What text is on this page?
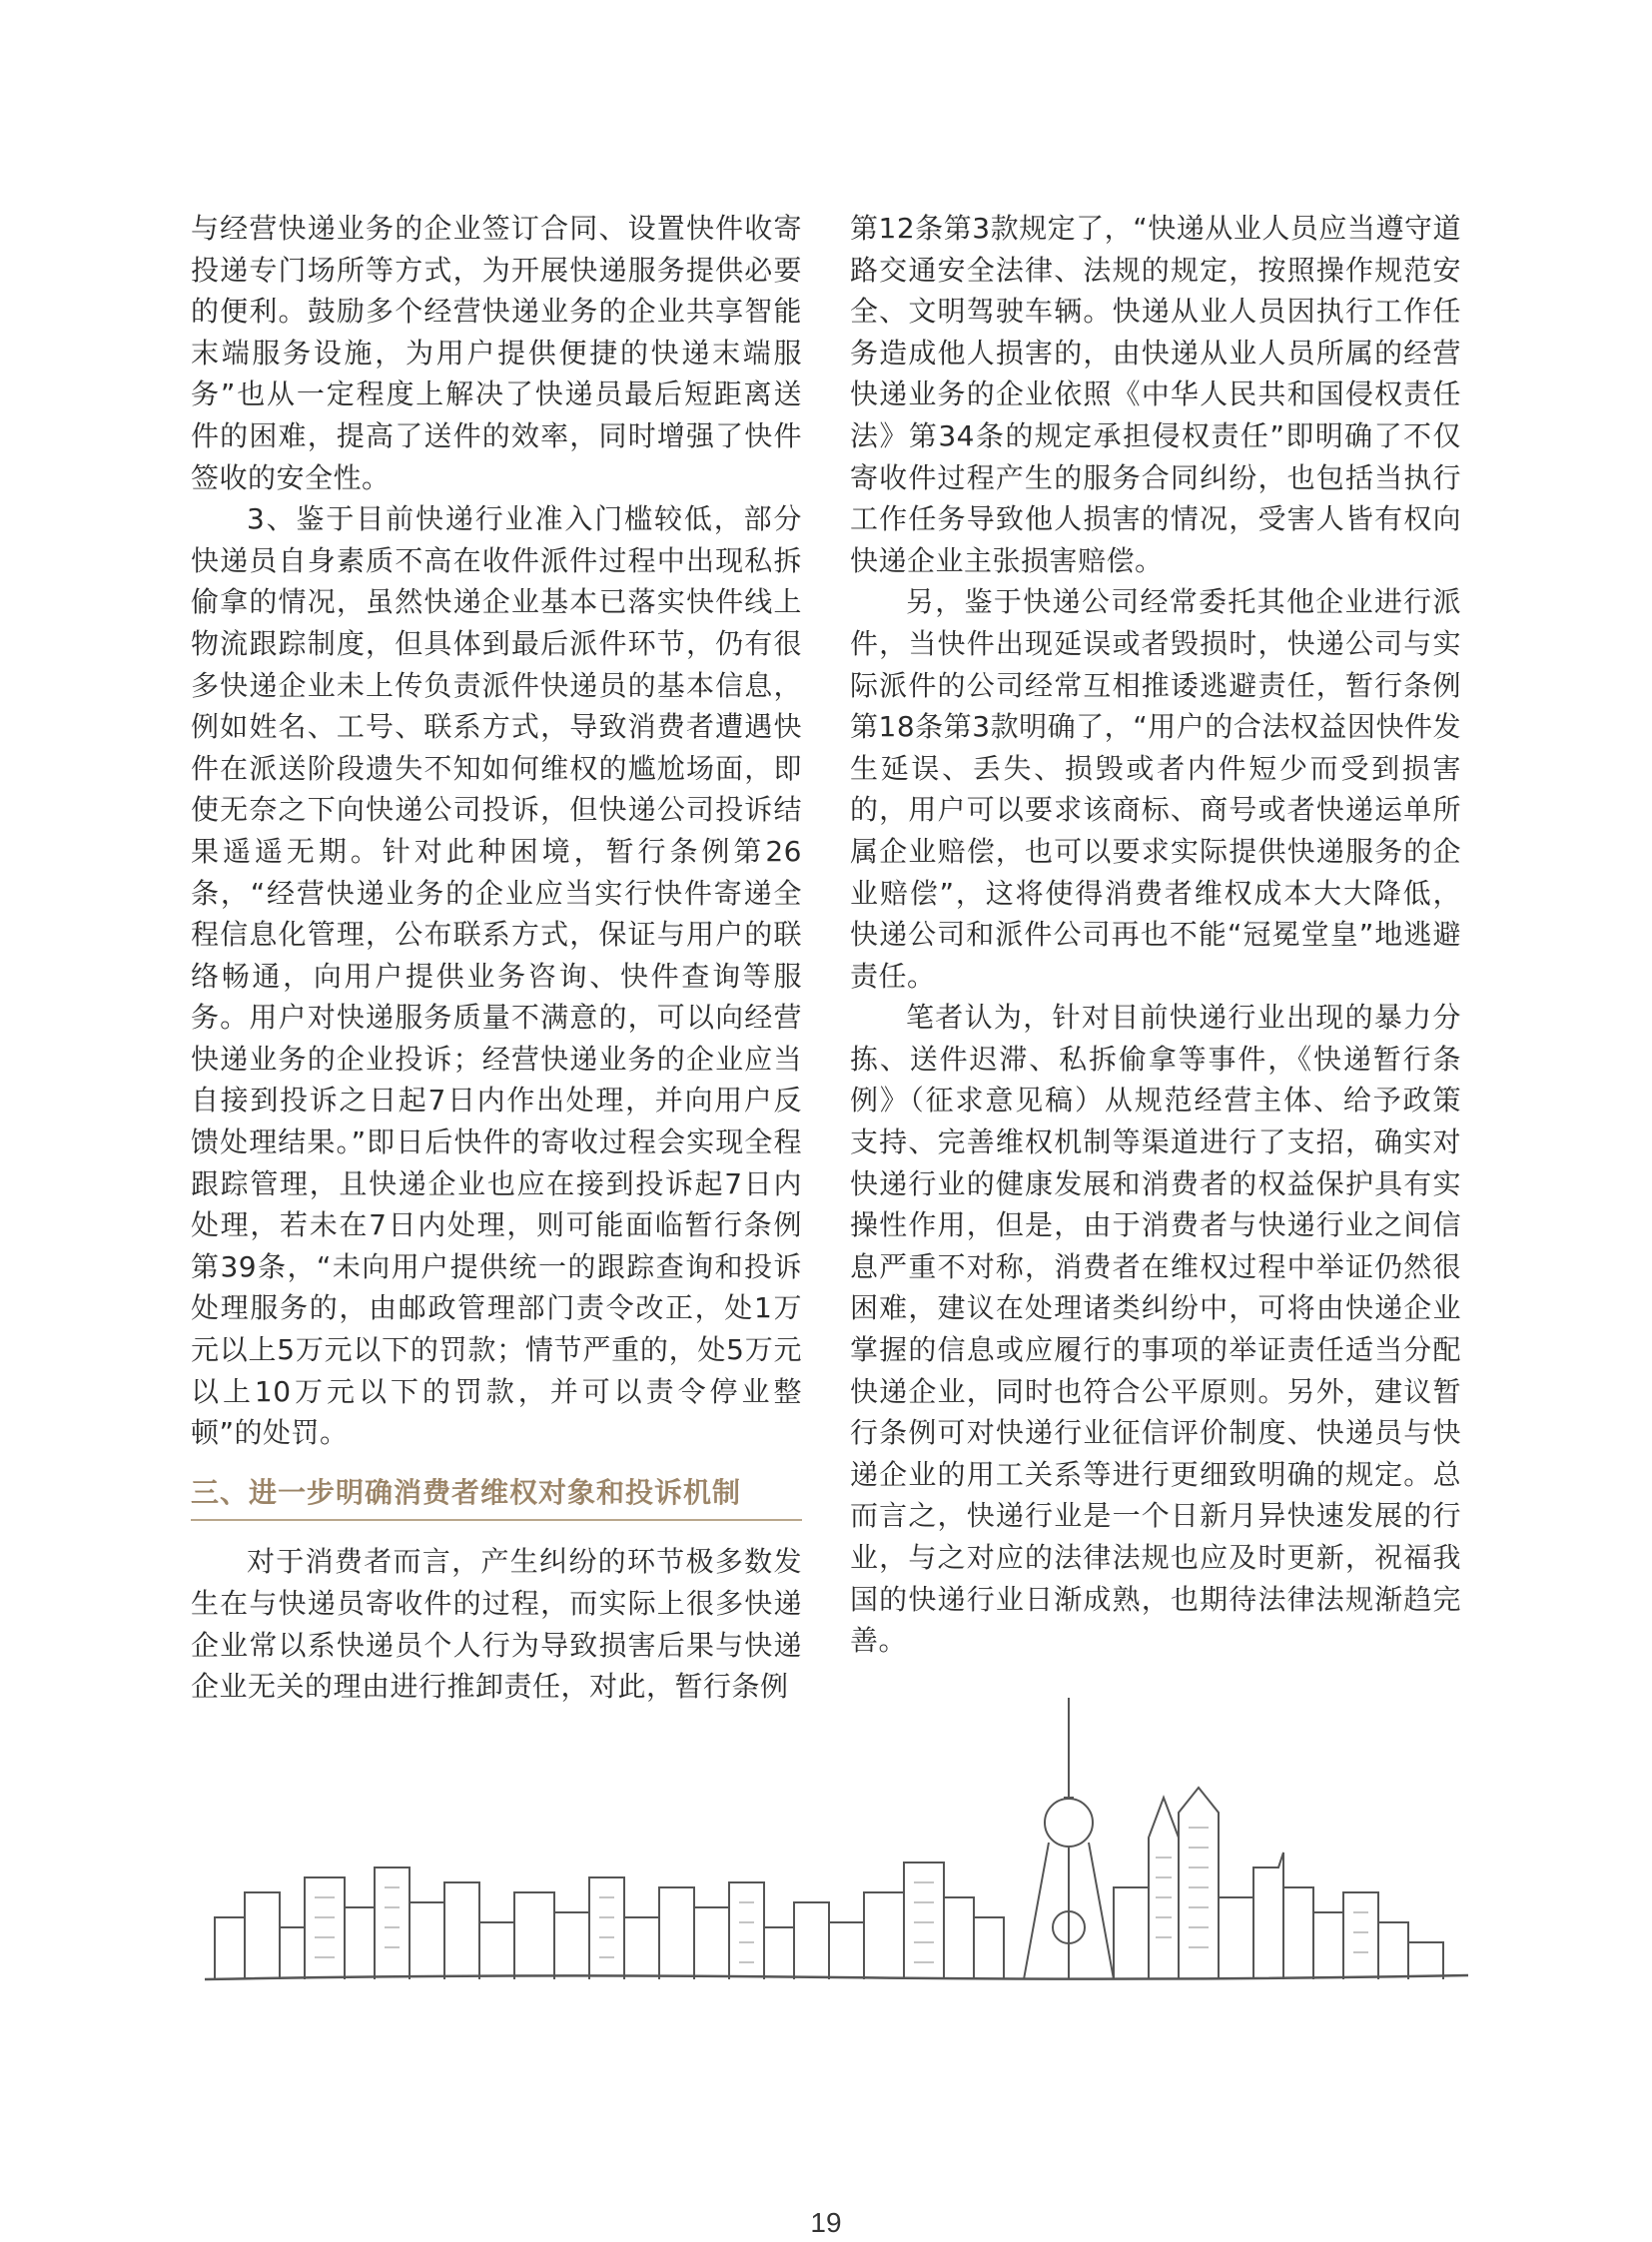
与经营快递业务的企业签订合同、设置快件收寄投递专门场所等方式，为开展快递服务提供必要的便利。鼓励多个经营快递业务的企业共享智能末端服务设施，为用户提供便捷的快递末端服务”也从一定程度上解决了快递员最后短距离送件的困难，提高了送件的效率，同时增强了快件签收的安全性。

3、鉴于目前快递行业准入门槛较低，部分快递员自身素质不高在收件派件过程中出现私拆偷拿的情况，虽然快递企业基本已落实快件线上物流跟踪制度，但具体到最后派件环节，仍有很多快递企业未上传负责派件快递员的基本信息，例如姓名、工号、联系方式，导致消费者遭遇快件在派送阶段遗失不知如何维权的尴尬场面，即使无奈之下向快递公司投诉，但快递公司投诉结果遥遥无期。针对此种困境，暂行条例第26条，“经营快递业务的企业应当实行快件寄递全程信息化管理，公布联系方式，保证与用户的联络畅通，向用户提供业务咨询、快件查询等服务。用户对快递服务质量不满意的，可以向经营快递业务的企业投诉；经营快递业务的企业应当自接到投诉之日起7日内作出处理，并向用户反馈处理结果。”即日后快件的寄收过程会实现全程跟踪管理，且快递企业也应在接到投诉起7日内处理，若未在7日内处理，则可能面临暂行条例第39条，“未向用户提供统一的跟踪查询和投诉处理服务的，由邮政管理部门责令改正，处1万元以上5万元以下的罚款；情节严重的，处5万元以上10万元以下的罚款，并可以责令停业整顿”的处罚。

三、进一步明确消费者维权对象和投诉机制

对于消费者而言，产生纠纷的环节极多数发生在与快递员寄收件的过程，而实际上很多快递企业常以系快递员个人行为导致损害后果与快递企业无关的理由进行推卸责任，对此，暂行条例

第12条第3款规定了，“快递从业人员应当遵守道路交通安全法律、法规的规定，按照操作规范安全、文明驾驶车辆。快递从业人员因执行工作任务造成他人损害的，由快递从业人员所属的经营快递业务的企业依照《中华人民共和国侵权责任法》第34条的规定承担侵权责任”即明确了不仅寄收件过程产生的服务合同纠纷，也包括当执行工作任务导致他人损害的情况，受害人皆有权向快递企业主张损害赔偿。

另，鉴于快递公司经常委托其他企业进行派件，当快件出现延误或者毁损时，快递公司与实际派件的公司经常互相推诿逃避责任，暂行条例第18条第3款明确了，“用户的合法权益因快件发生延误、丢失、损毁或者内件短少而受到损害的，用户可以要求该商标、商号或者快递运单所属企业赔偿，也可以要求实际提供快递服务的企业赔偿”，这将使得消费者维权成本大大降低，快递公司和派件公司再也不能“冠冕堂皇”地逃避责任。

笔者认为，针对目前快递行业出现的暴力分拣、送件迟滞、私拆偷拿等事件，《快递暂行条例》（征求意见稿）从规范经营主体、给予政策支持、完善维权机制等渠道进行了支招，确实对快递行业的健康发展和消费者的权益保护具有实操性作用，但是，由于消费者与快递行业之间信息严重不对称，消费者在维权过程中举证仍然很困难，建议在处理诸类纠纷中，可将由快递企业掌握的信息或应履行的事项的举证责任适当分配快递企业，同时也符合公平原则。另外，建议暂行条例可对快递行业征信评价制度、快递员与快递企业的用工关系等进行更细致明确的规定。总而言之，快递行业是一个日新月异快速发展的行业，与之对应的法律法规也应及时更新，祝福我国的快递行业日渐成熟，也期待法律法规渐趋完善。

19
